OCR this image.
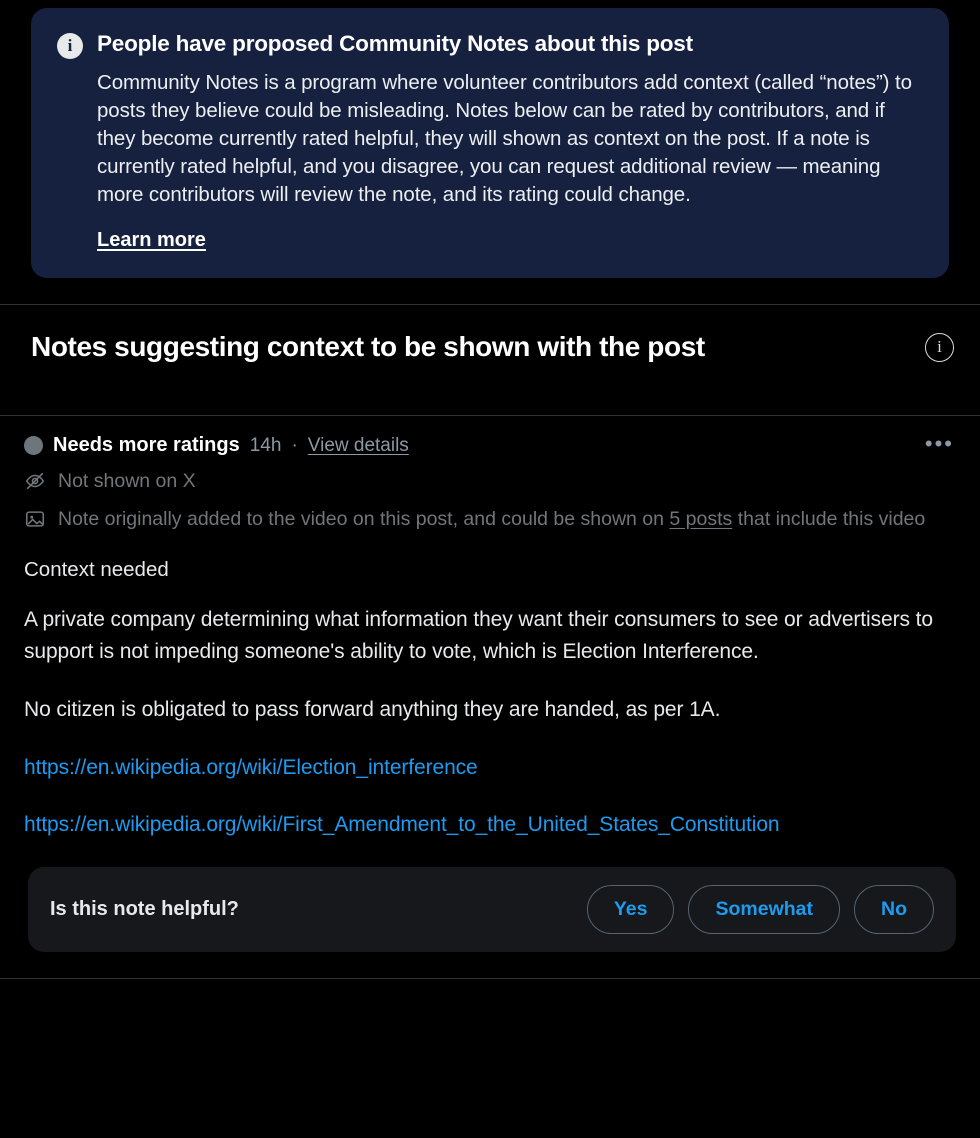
i	People have proposed Community Notes about this post
Community Notes is a program where volunteer contributors add context (called “notes”) to posts they believe could be misleading. Notes below can be rated by contributors, and if they become currently rated helpful, they will shown as context on the post. If a note is currently rated helpful, and you disagree, you can request additional review — meaning more contributors will review the note, and its rating could change.
Learn more
Notes suggesting context to be shown with the post	i
Needs more ratings 14h · View details	•••
Not shown on X
Note originally added to the video on this post, and could be shown on 5 posts that include this video
Context needed

A private company determining what information they want their consumers to see or advertisers to support is not impeding someone's ability to vote, which is Election Interference.

No citizen is obligated to pass forward anything they are handed, as per 1A.

https://en.wikipedia.org/wiki/Election_interference
https://en.wikipedia.org/wiki/First_Amendment_to_the_United_States_Constitution
Is this note helpful?	Yes	Somewhat	No
